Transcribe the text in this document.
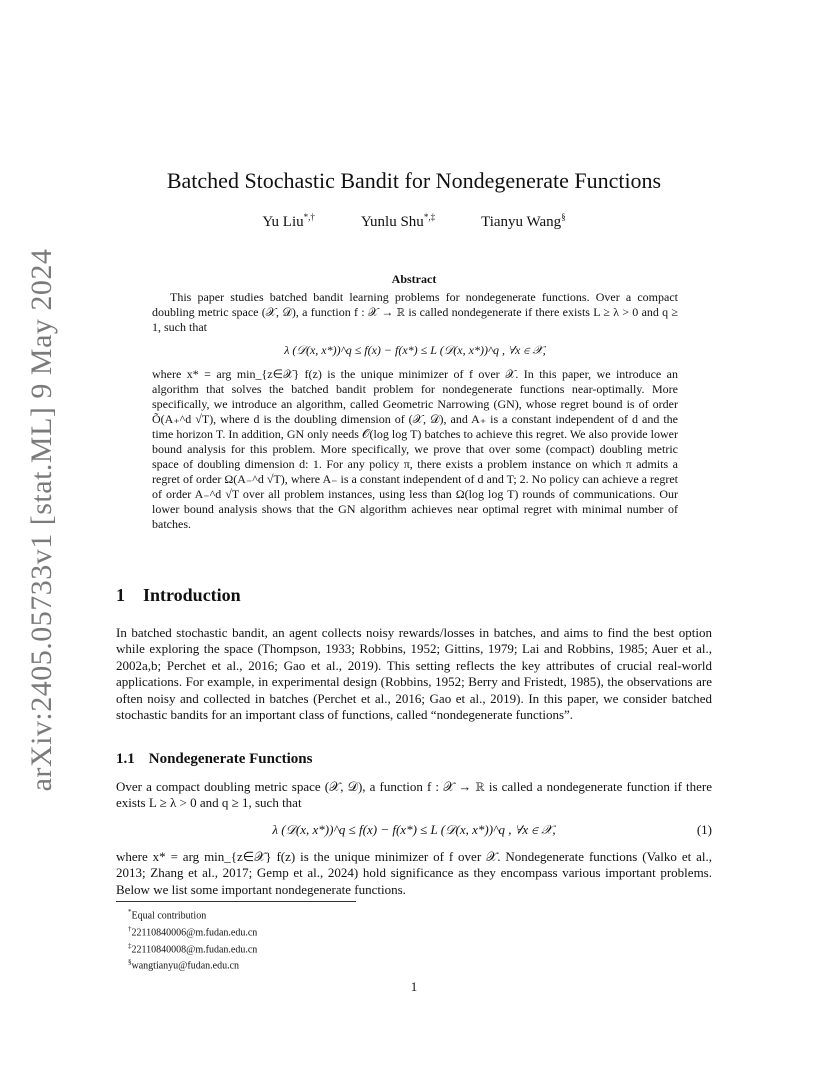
arXiv:2405.05733v1 [stat.ML] 9 May 2024
Batched Stochastic Bandit for Nondegenerate Functions
Yu Liu*,†	Yunlu Shu*,‡	Tianyu Wang§
Abstract

This paper studies batched bandit learning problems for nondegenerate functions. Over a compact doubling metric space (𝒳, 𝒟), a function f : 𝒳 → ℝ is called nondegenerate if there exists L ≥ λ > 0 and q ≥ 1, such that

λ (𝒟(x, x*))^q ≤ f(x) − f(x*) ≤ L (𝒟(x, x*))^q , ∀x ∈ 𝒳,

where x* = arg min_{z∈𝒳} f(z) is the unique minimizer of f over 𝒳. In this paper, we introduce an algorithm that solves the batched bandit problem for nondegenerate functions near-optimally. More specifically, we introduce an algorithm, called Geometric Narrowing (GN), whose regret bound is of order Õ(A₊^d √T), where d is the doubling dimension of (𝒳, 𝒟), and A₊ is a constant independent of d and the time horizon T. In addition, GN only needs 𝒪(log log T) batches to achieve this regret. We also provide lower bound analysis for this problem. More specifically, we prove that over some (compact) doubling metric space of doubling dimension d: 1. For any policy π, there exists a problem instance on which π admits a regret of order Ω(A₋^d √T), where A₋ is a constant independent of d and T; 2. No policy can achieve a regret of order A₋^d √T over all problem instances, using less than Ω(log log T) rounds of communications. Our lower bound analysis shows that the GN algorithm achieves near optimal regret with minimal number of batches.

1 Introduction

In batched stochastic bandit, an agent collects noisy rewards/losses in batches, and aims to find the best option while exploring the space (Thompson, 1933; Robbins, 1952; Gittins, 1979; Lai and Robbins, 1985; Auer et al., 2002a,b; Perchet et al., 2016; Gao et al., 2019). This setting reflects the key attributes of crucial real-world applications. For example, in experimental design (Robbins, 1952; Berry and Fristedt, 1985), the observations are often noisy and collected in batches (Perchet et al., 2016; Gao et al., 2019). In this paper, we consider batched stochastic bandits for an important class of functions, called “nondegenerate functions”.

1.1 Nondegenerate Functions

Over a compact doubling metric space (𝒳, 𝒟), a function f : 𝒳 → ℝ is called a nondegenerate function if there exists L ≥ λ > 0 and q ≥ 1, such that

λ (𝒟(x, x*))^q ≤ f(x) − f(x*) ≤ L (𝒟(x, x*))^q , ∀x ∈ 𝒳,	(1)

where x* = arg min_{z∈𝒳} f(z) is the unique minimizer of f over 𝒳. Nondegenerate functions (Valko et al., 2013; Zhang et al., 2017; Gemp et al., 2024) hold significance as they encompass various important problems. Below we list some important nondegenerate functions.

*Equal contribution
†22110840006@m.fudan.edu.cn
‡22110840008@m.fudan.edu.cn
§wangtianyu@fudan.edu.cn
1
